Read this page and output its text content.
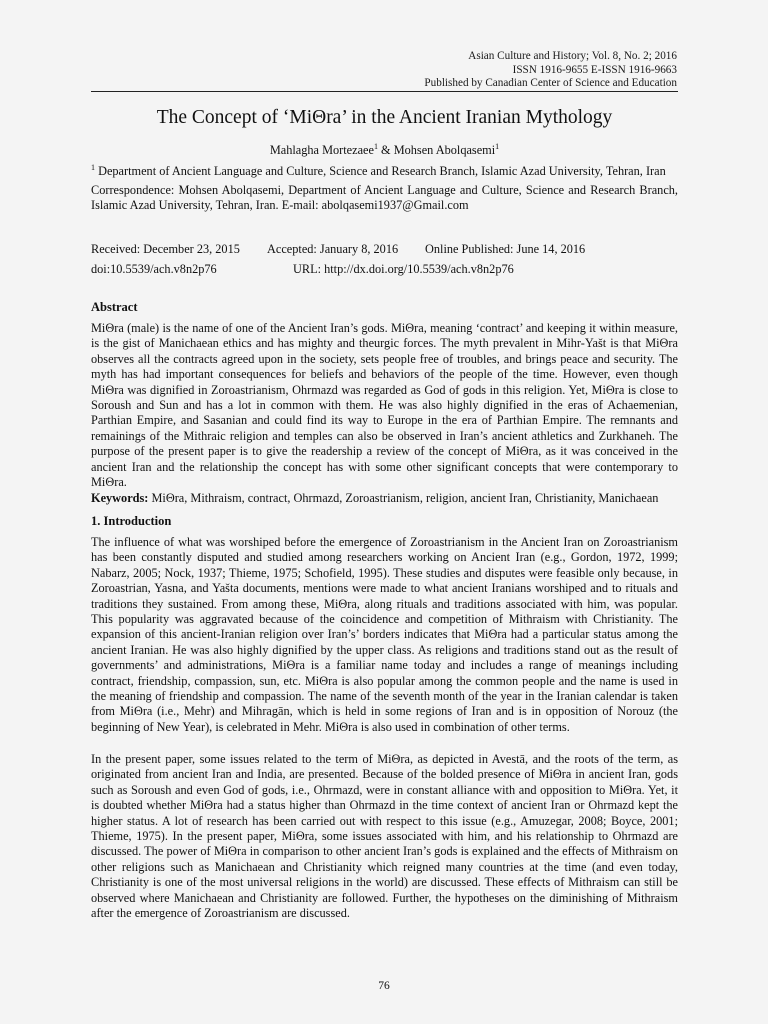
Asian Culture and History; Vol. 8, No. 2; 2016
ISSN 1916-9655 E-ISSN 1916-9663
Published by Canadian Center of Science and Education
The Concept of ‘MiΘra’ in the Ancient Iranian Mythology
Mahlagha Mortezaee$^1$ & Mohsen Abolqasemi$^1$
$^1$ Department of Ancient Language and Culture, Science and Research Branch, Islamic Azad University, Tehran, Iran
Correspondence: Mohsen Abolqasemi, Department of Ancient Language and Culture, Science and Research Branch, Islamic Azad University, Tehran, Iran. E-mail: abolqasemi1937@Gmail.com
Received: December 23, 2015 Accepted: January 8, 2016 Online Published: June 14, 2016
doi:10.5539/ach.v8n2p76	URL: http://dx.doi.org/10.5539/ach.v8n2p76
Abstract
MiΘra (male) is the name of one of the Ancient Iran’s gods. MiΘra, meaning ‘contract’ and keeping it within measure, is the gist of Manichaean ethics and has mighty and theurgic forces. The myth prevalent in Mihr-Yašt is that MiΘra observes all the contracts agreed upon in the society, sets people free of troubles, and brings peace and security. The myth has had important consequences for beliefs and behaviors of the people of the time. However, even though MiΘra was dignified in Zoroastrianism, Ohrmazd was regarded as God of gods in this religion. Yet, MiΘra is close to Soroush and Sun and has a lot in common with them. He was also highly dignified in the eras of Achaemenian, Parthian Empire, and Sasanian and could find its way to Europe in the era of Parthian Empire. The remnants and remainings of the Mithraic religion and temples can also be observed in Iran’s ancient athletics and Zurkhaneh. The purpose of the present paper is to give the readership a review of the concept of MiΘra, as it was conceived in the ancient Iran and the relationship the concept has with some other significant concepts that were contemporary to MiΘra.
Keywords: MiΘra, Mithraism, contract, Ohrmazd, Zoroastrianism, religion, ancient Iran, Christianity, Manichaean
1. Introduction
The influence of what was worshiped before the emergence of Zoroastrianism in the Ancient Iran on Zoroastrianism has been constantly disputed and studied among researchers working on Ancient Iran (e.g., Gordon, 1972, 1999; Nabarz, 2005; Nock, 1937; Thieme, 1975; Schofield, 1995). These studies and disputes were feasible only because, in Zoroastrian, Yasna, and Yašta documents, mentions were made to what ancient Iranians worshiped and to rituals and traditions they sustained. From among these, MiΘra, along rituals and traditions associated with him, was popular. This popularity was aggravated because of the coincidence and competition of Mithraism with Christianity. The expansion of this ancient-Iranian religion over Iran’s’ borders indicates that MiΘra had a particular status among the ancient Iranian. He was also highly dignified by the upper class. As religions and traditions stand out as the result of governments’ and administrations, MiΘra is a familiar name today and includes a range of meanings including contract, friendship, compassion, sun, etc. MiΘra is also popular among the common people and the name is used in the meaning of friendship and compassion. The name of the seventh month of the year in the Iranian calendar is taken from MiΘra (i.e., Mehr) and Mihragān, which is held in some regions of Iran and is in opposition of Norouz (the beginning of New Year), is celebrated in Mehr. MiΘra is also used in combination of other terms.
In the present paper, some issues related to the term of MiΘra, as depicted in Avestā, and the roots of the term, as originated from ancient Iran and India, are presented. Because of the bolded presence of MiΘra in ancient Iran, gods such as Soroush and even God of gods, i.e., Ohrmazd, were in constant alliance with and opposition to MiΘra. Yet, it is doubted whether MiΘra had a status higher than Ohrmazd in the time context of ancient Iran or Ohrmazd kept the higher status. A lot of research has been carried out with respect to this issue (e.g., Amuzegar, 2008; Boyce, 2001; Thieme, 1975). In the present paper, MiΘra, some issues associated with him, and his relationship to Ohrmazd are discussed. The power of MiΘra in comparison to other ancient Iran’s gods is explained and the effects of Mithraism on other religions such as Manichaean and Christianity which reigned many countries at the time (and even today, Christianity is one of the most universal religions in the world) are discussed. These effects of Mithraism can still be observed where Manichaean and Christianity are followed. Further, the hypotheses on the diminishing of Mithraism after the emergence of Zoroastrianism are discussed.
76
